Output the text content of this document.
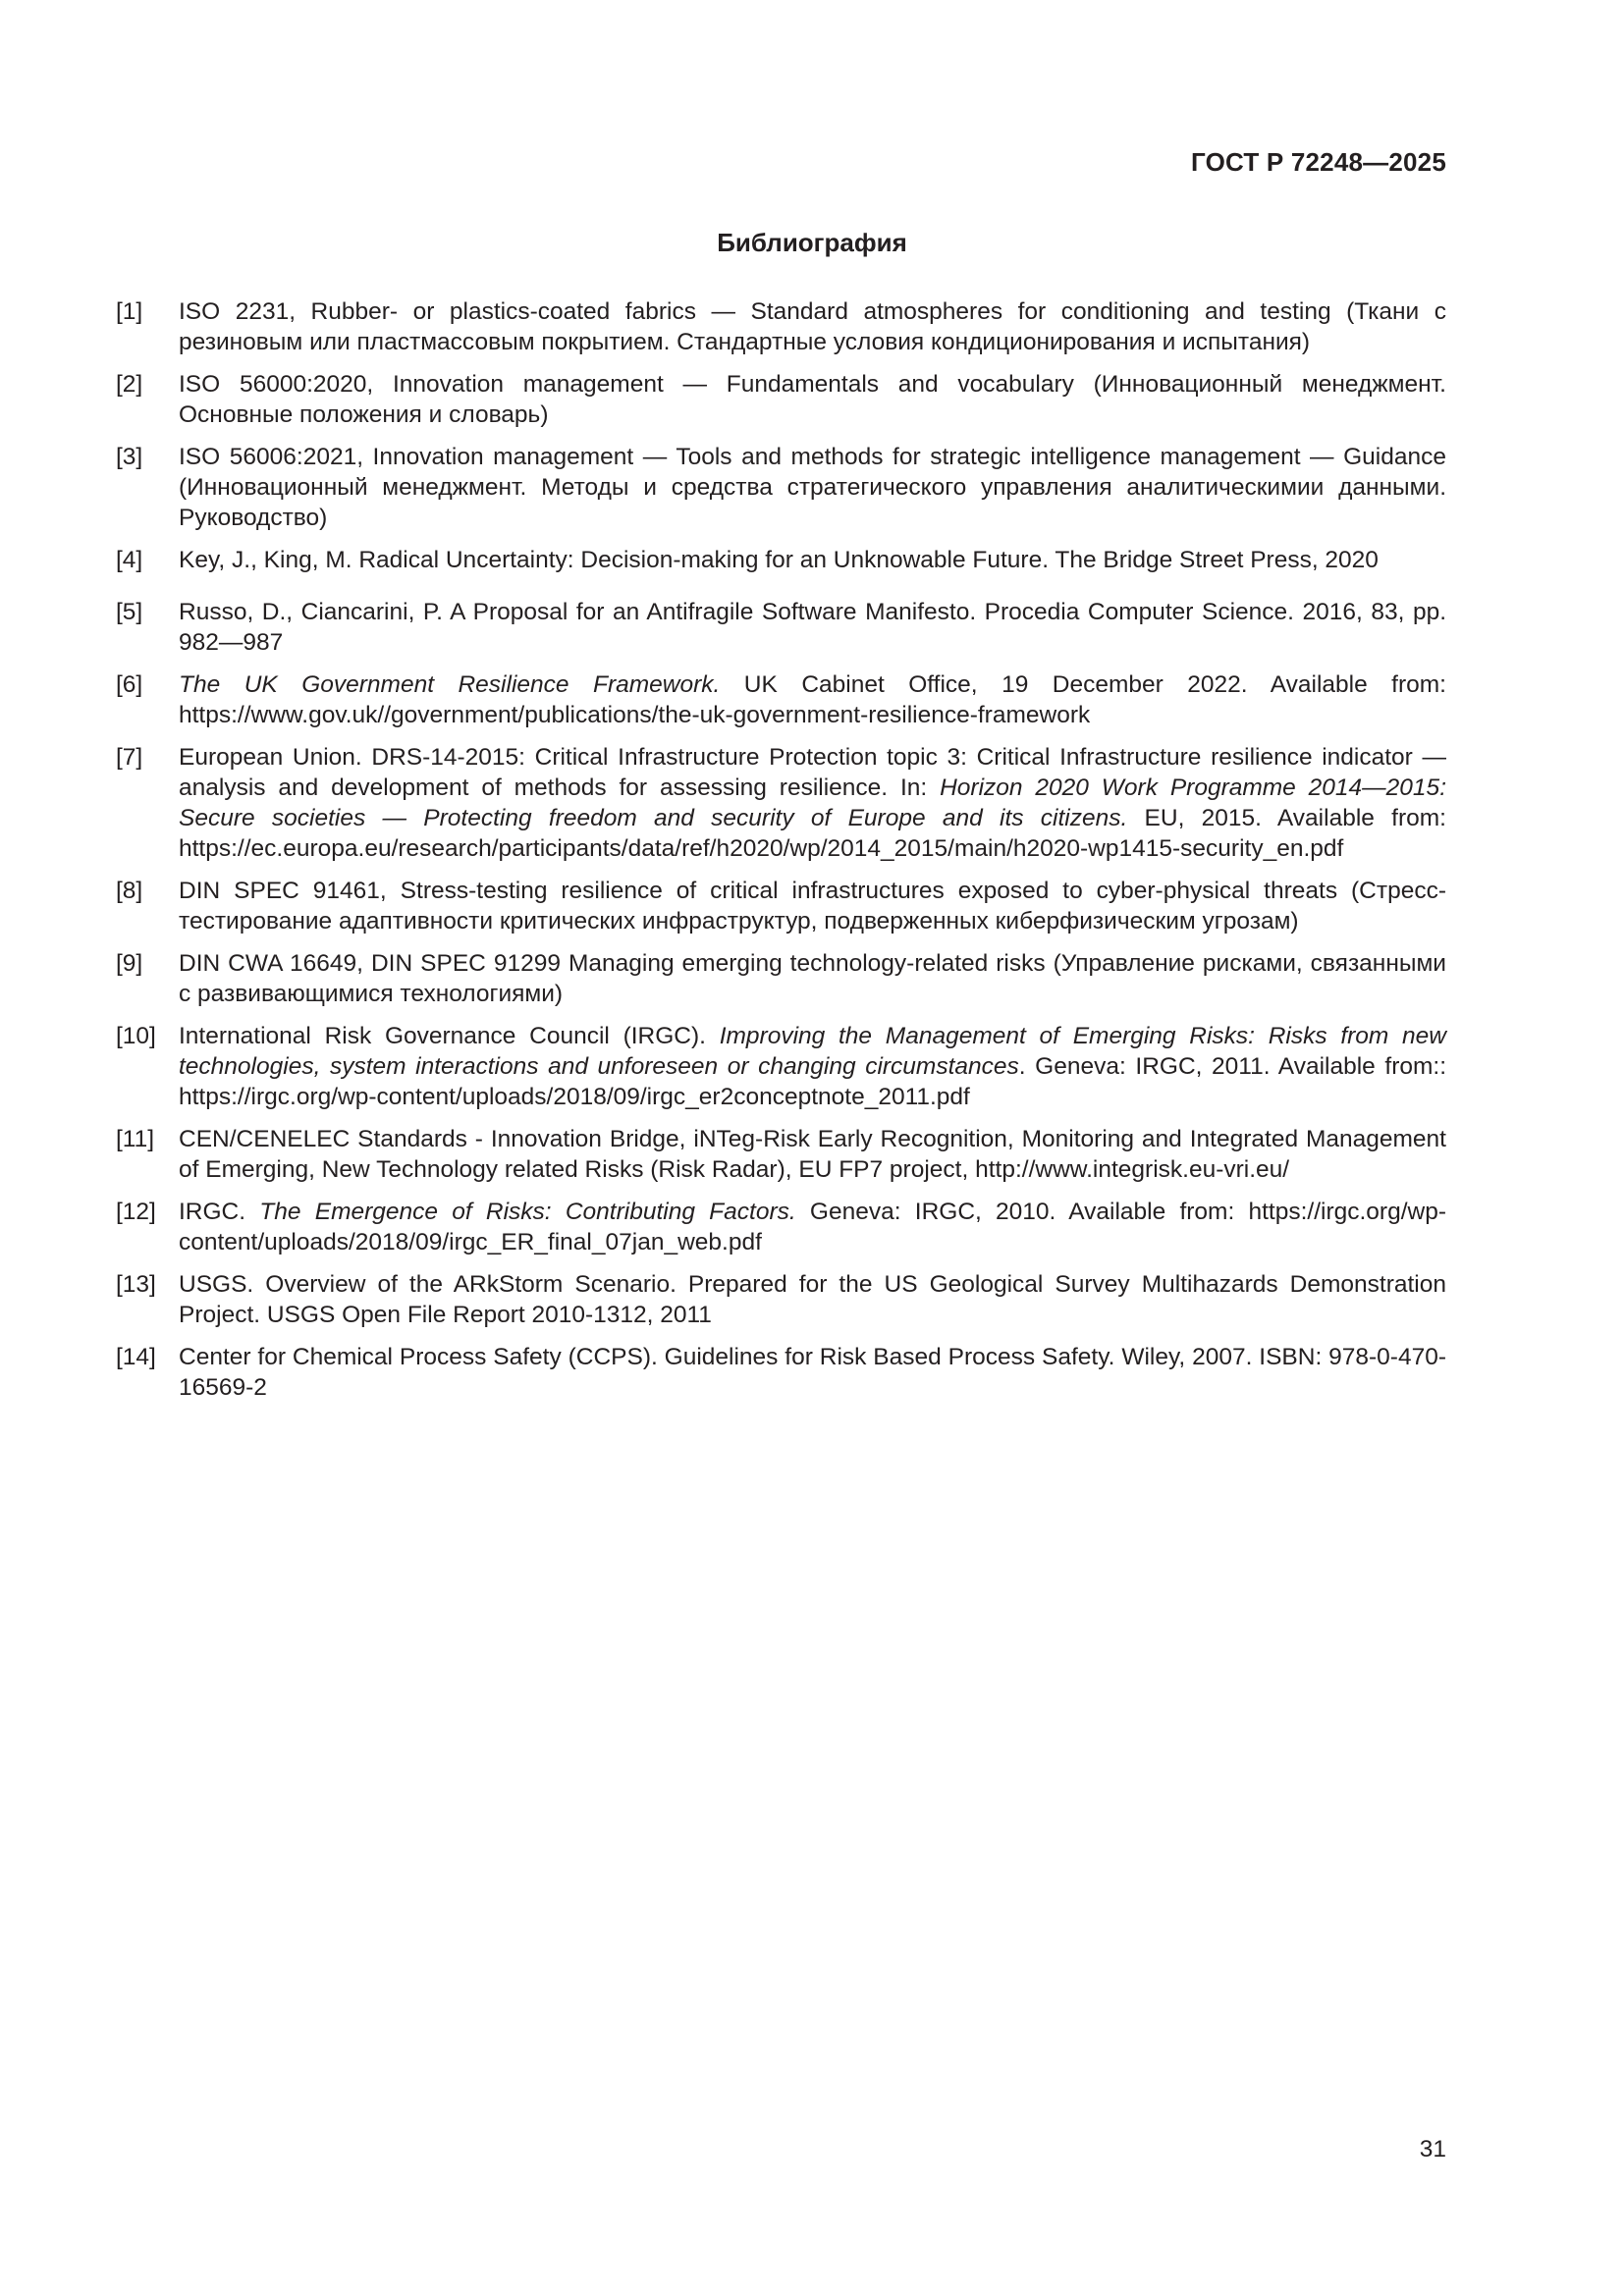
ГОСТ Р 72248—2025
Библиография
[1]	ISO 2231, Rubber- or plastics-coated fabrics — Standard atmospheres for conditioning and testing (Ткани с резиновым или пластмассовым покрытием. Стандартные условия кондиционирования и испытания)
[2]	ISO 56000:2020, Innovation management — Fundamentals and vocabulary (Инновационный менеджмент. Основные положения и словарь)
[3]	ISO 56006:2021, Innovation management — Tools and methods for strategic intelligence management — Guidance (Инновационный менеджмент. Методы и средства стратегического управления аналитическимии данными. Руководство)
[4]	Key, J., King, M. Radical Uncertainty: Decision-making for an Unknowable Future. The Bridge Street Press, 2020
[5]	Russo, D., Ciancarini, P. A Proposal for an Antifragile Software Manifesto. Procedia Computer Science. 2016, 83, pp. 982—987
[6]	The UK Government Resilience Framework. UK Cabinet Office, 19 December 2022. Available from: https://www.gov.uk//government/publications/the-uk-government-resilience-framework
[7]	European Union. DRS-14-2015: Critical Infrastructure Protection topic 3: Critical Infrastructure resilience indicator — analysis and development of methods for assessing resilience. In: Horizon 2020 Work Programme 2014—2015: Secure societies — Protecting freedom and security of Europe and its citizens. EU, 2015. Available from: https://ec.europa.eu/research/participants/data/ref/h2020/wp/2014_2015/main/h2020-wp1415-security_en.pdf
[8]	DIN SPEC 91461, Stress-testing resilience of critical infrastructures exposed to cyber-physical threats (Стресс-тестирование адаптивности критических инфраструктур, подверженных киберфизическим угрозам)
[9]	DIN CWA 16649, DIN SPEC 91299 Managing emerging technology-related risks (Управление рисками, связанными с развивающимися технологиями)
[10] International Risk Governance Council (IRGC). Improving the Management of Emerging Risks: Risks from new technologies, system interactions and unforeseen or changing circumstances. Geneva: IRGC, 2011. Available from:: https://irgc.org/wp-content/uploads/2018/09/irgc_er2conceptnote_2011.pdf
[11]	CEN/CENELEC Standards - Innovation Bridge, iNTeg-Risk Early Recognition, Monitoring and Integrated Management of Emerging, New Technology related Risks (Risk Radar), EU FP7 project, http://www.integrisk.eu-vri.eu/
[12] IRGC. The Emergence of Risks: Contributing Factors. Geneva: IRGC, 2010. Available from: https://irgc.org/wp-content/uploads/2018/09/irgc_ER_final_07jan_web.pdf
[13] USGS. Overview of the ARkStorm Scenario. Prepared for the US Geological Survey Multihazards Demonstration Project. USGS Open File Report 2010-1312, 2011
[14] Center for Chemical Process Safety (CCPS). Guidelines for Risk Based Process Safety. Wiley, 2007. ISBN: 978-0-470-16569-2
31
